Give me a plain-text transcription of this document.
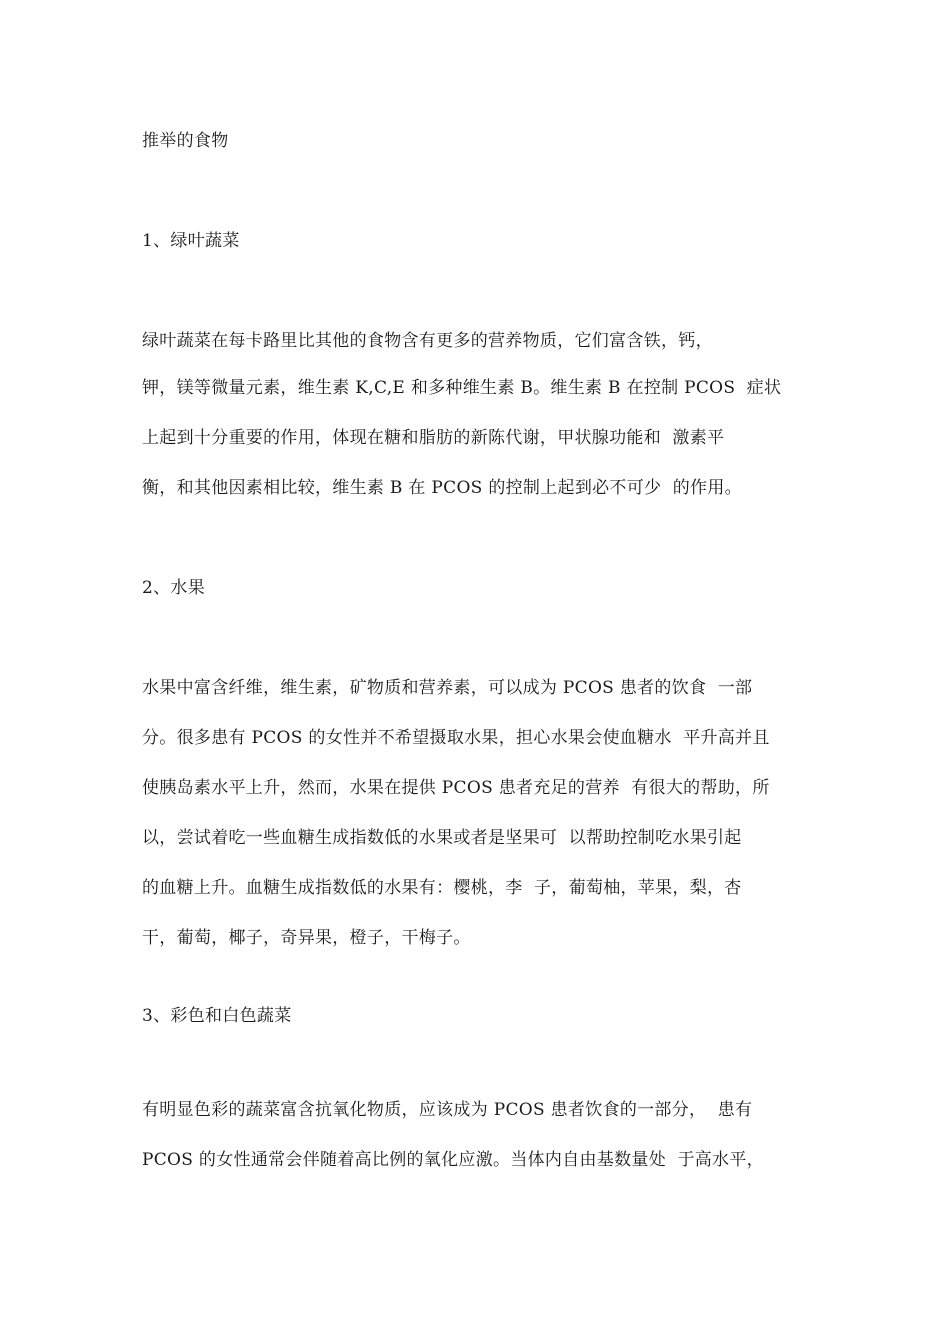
推举的食物
1、绿叶蔬菜
绿叶蔬菜在每卡路里比其他的食物含有更多的营养物质，它们富含铁，钙，
钾，镁等微量元素，维生素 K,C,E 和多种维生素 B。维生素 B 在控制 PCOS  症状
上起到十分重要的作用，体现在糖和脂肪的新陈代谢，甲状腺功能和  激素平
衡，和其他因素相比较，维生素 B 在 PCOS 的控制上起到必不可少  的作用。
2、水果
水果中富含纤维，维生素，矿物质和营养素，可以成为 PCOS 患者的饮食  一部
分。很多患有 PCOS 的女性并不希望摄取水果，担心水果会使血糖水  平升高并且
使胰岛素水平上升，然而，水果在提供 PCOS 患者充足的营养  有很大的帮助，所
以，尝试着吃一些血糖生成指数低的水果或者是坚果可  以帮助控制吃水果引起
的血糖上升。血糖生成指数低的水果有：樱桃，李  子，葡萄柚，苹果，梨，杏
干，葡萄，椰子，奇异果，橙子，干梅子。
3、彩色和白色蔬菜
有明显色彩的蔬菜富含抗氧化物质，应该成为 PCOS 患者饮食的一部分，  患有
PCOS 的女性通常会伴随着高比例的氧化应激。当体内自由基数量处  于高水平，
